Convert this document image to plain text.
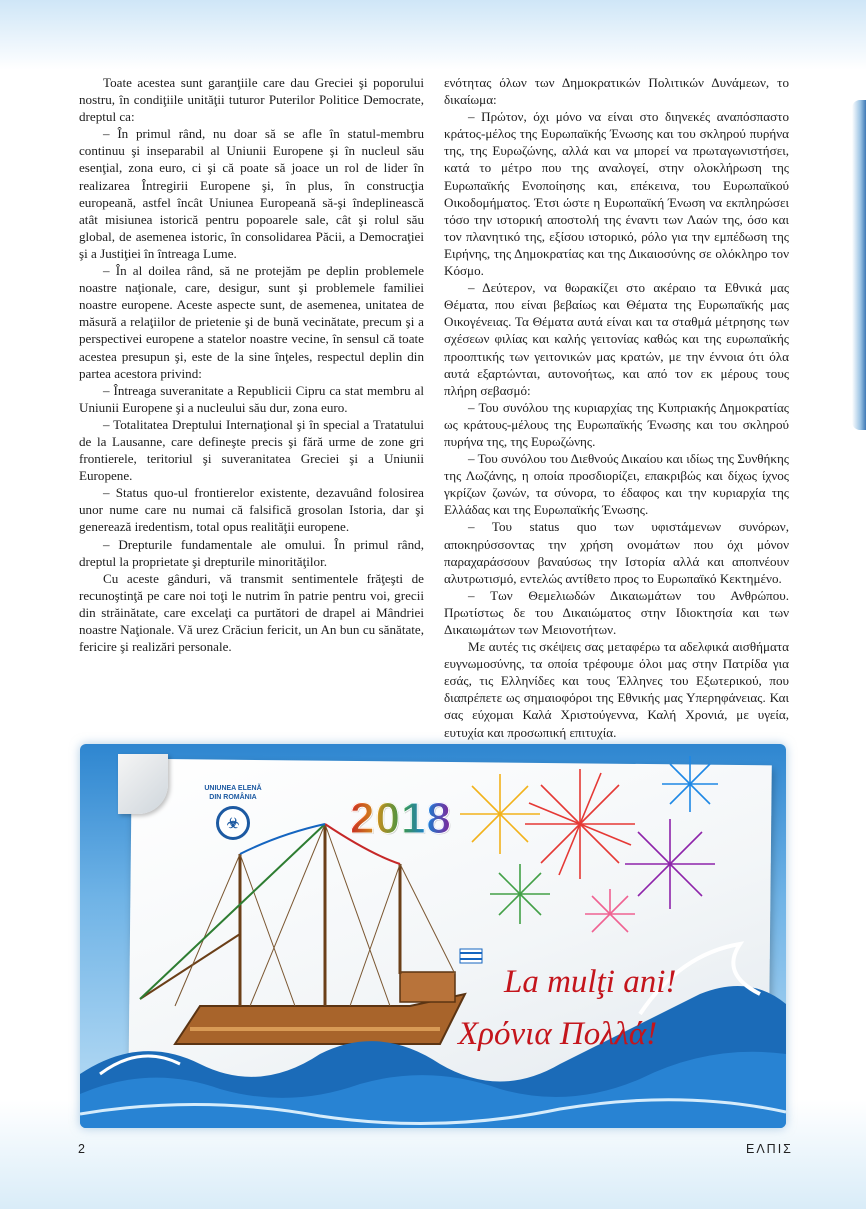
Toate acestea sunt garanţiile care dau Greciei şi poporului nostru, în condiţiile unităţii tuturor Puterilor Politice Democrate, dreptul ca:

– În primul rând, nu doar să se afle în statul-membru continuu şi inseparabil al Uniunii Europene şi în nucleul său esenţial, zona euro, ci şi că poate să joace un rol de lider în realizarea Întregirii Europene şi, în plus, în construcţia europeană, astfel încât Uniunea Europeană să-şi îndeplinească atât misiunea istorică pentru popoarele sale, cât şi rolul său global, de asemenea istoric, în consolidarea Păcii, a Democraţiei şi a Justiţiei în întreaga Lume.

– În al doilea rând, să ne protejăm pe deplin problemele noastre naţionale, care, desigur, sunt şi problemele familiei noastre europene. Aceste aspecte sunt, de asemenea, unitatea de măsură a relaţiilor de prietenie şi de bună vecinătate, precum şi a perspectivei europene a statelor noastre vecine, în sensul că toate acestea presupun şi, este de la sine înţeles, respectul deplin din partea acestora privind:

– Întreaga suveranitate a Republicii Cipru ca stat membru al Uniunii Europene şi a nucleului său dur, zona euro.

– Totalitatea Dreptului Internaţional şi în special a Tratatului de la Lausanne, care defineşte precis şi fără urme de zone gri frontierele, teritoriul şi suveranitatea Greciei şi a Uniunii Europene.

– Status quo-ul frontierelor existente, dezavuând folosirea unor nume care nu numai că falsifică grosolan Istoria, dar şi generează iredentism, total opus realităţii europene.

– Drepturile fundamentale ale omului. În primul rând, dreptul la proprietate şi drepturile minorităţilor.

Cu aceste gânduri, vă transmit sentimentele frăţeşti de recunoştinţă pe care noi toţi le nutrim în patrie pentru voi, grecii din străinătate, care excelaţi ca purtători de drapel ai Mândriei noastre Naţionale. Vă urez Crăciun fericit, un An bun cu sănătate, fericire şi realizări personale.

ενότητας όλων των Δημοκρατικών Πολιτικών Δυνάμεων, το δικαίωμα:

– Πρώτον, όχι μόνο να είναι στο διηνεκές αναπόσπαστο κράτος-μέλος της Ευρωπαϊκής Ένωσης και του σκληρού πυρήνα της, της Ευρωζώνης, αλλά και να μπορεί να πρωταγωνιστήσει, κατά το μέτρο που της αναλογεί, στην ολοκλήρωση της Ευρωπαϊκής Ενοποίησης και, επέκεινα, του Ευρωπαϊκού Οικοδομήματος. Έτσι ώστε η Ευρωπαϊκή Ένωση να εκπληρώσει τόσο την ιστορική αποστολή της έναντι των Λαών της, όσο και τον πλανητικό της, εξίσου ιστορικό, ρόλο για την εμπέδωση της Ειρήνης, της Δημοκρατίας και της Δικαιοσύνης σε ολόκληρο τον Κόσμο.

– Δεύτερον, να θωρακίζει στο ακέραιο τα Εθνικά μας Θέματα, που είναι βεβαίως και Θέματα της Ευρωπαϊκής μας Οικογένειας. Τα Θέματα αυτά είναι και τα σταθμά μέτρησης των σχέσεων φιλίας και καλής γειτονίας καθώς και της ευρωπαϊκής προοπτικής των γειτονικών μας κρατών, με την έννοια ότι όλα αυτά εξαρτώνται, αυτονοήτως, και από τον εκ μέρους τους πλήρη σεβασμό:

– Του συνόλου της κυριαρχίας της Κυπριακής Δημοκρατίας ως κράτους-μέλους της Ευρωπαϊκής Ένωσης και του σκληρού πυρήνα της, της Ευρωζώνης.

– Του συνόλου του Διεθνούς Δικαίου και ιδίως της Συνθήκης της Λωζάνης, η οποία προσδιορίζει, επακριβώς και δίχως ίχνος γκρίζων ζωνών, τα σύνορα, το έδαφος και την κυριαρχία της Ελλάδας και της Ευρωπαϊκής Ένωσης.

– Του status quo των υφιστάμενων συνόρων, αποκηρύσσοντας την χρήση ονομάτων που όχι μόνον παραχαράσσουν βαναύσως την Ιστορία αλλά και αποπνέουν αλυτρωτισμό, εντελώς αντίθετο προς το Ευρωπαϊκό Κεκτημένο.

– Των Θεμελιωδών Δικαιωμάτων του Ανθρώπου. Πρωτίστως δε του Δικαιώματος στην Ιδιοκτησία και των Δικαιωμάτων των Μειονοτήτων.

Με αυτές τις σκέψεις σας μεταφέρω τα αδελφικά αισθήματα ευγνωμοσύνης, τα οποία τρέφουμε όλοι μας στην Πατρίδα για εσάς, τις Ελληνίδες και τους Έλληνες του Εξωτερικού, που διαπρέπετε ως σημαιοφόροι της Εθνικής μας Υπερηφάνειας. Και σας εύχομαι Καλά Χριστούγεννα, Καλή Χρονιά, με υγεία, ευτυχία και προσωπική επιτυχία.

UNIUNEA ELENĂ
DIN ROMÂNIA
☣	2018
La mulţi ani!
Χρόνια Πολλά!
2	ΕΛΠΙΣ
